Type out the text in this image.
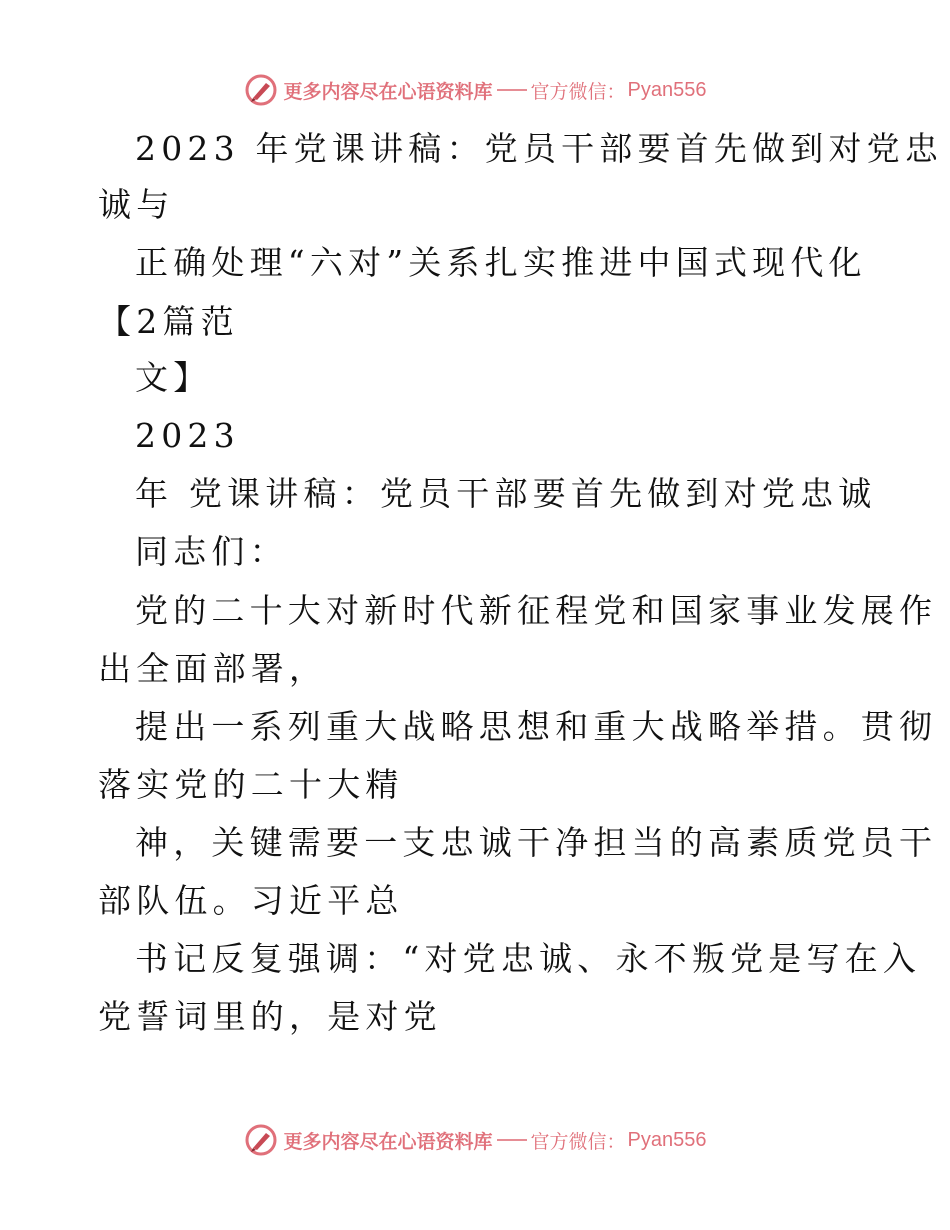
更多内容尽在心语资料库 官方微信： Pyan556
2023 年党课讲稿：党员干部要首先做到对党忠
诚与
正确处理“六对”关系扎实推进中国式现代化
【2篇范
文】
2023
年 党课讲稿：党员干部要首先做到对党忠诚
同志们：
党的二十大对新时代新征程党和国家事业发展作
出全面部署，
提出一系列重大战略思想和重大战略举措。贯彻
落实党的二十大精
神，关键需要一支忠诚干净担当的高素质党员干
部队伍。习近平总
书记反复强调：“对党忠诚、永不叛党是写在入
党誓词里的，是对党
更多内容尽在心语资料库 官方微信： Pyan556
